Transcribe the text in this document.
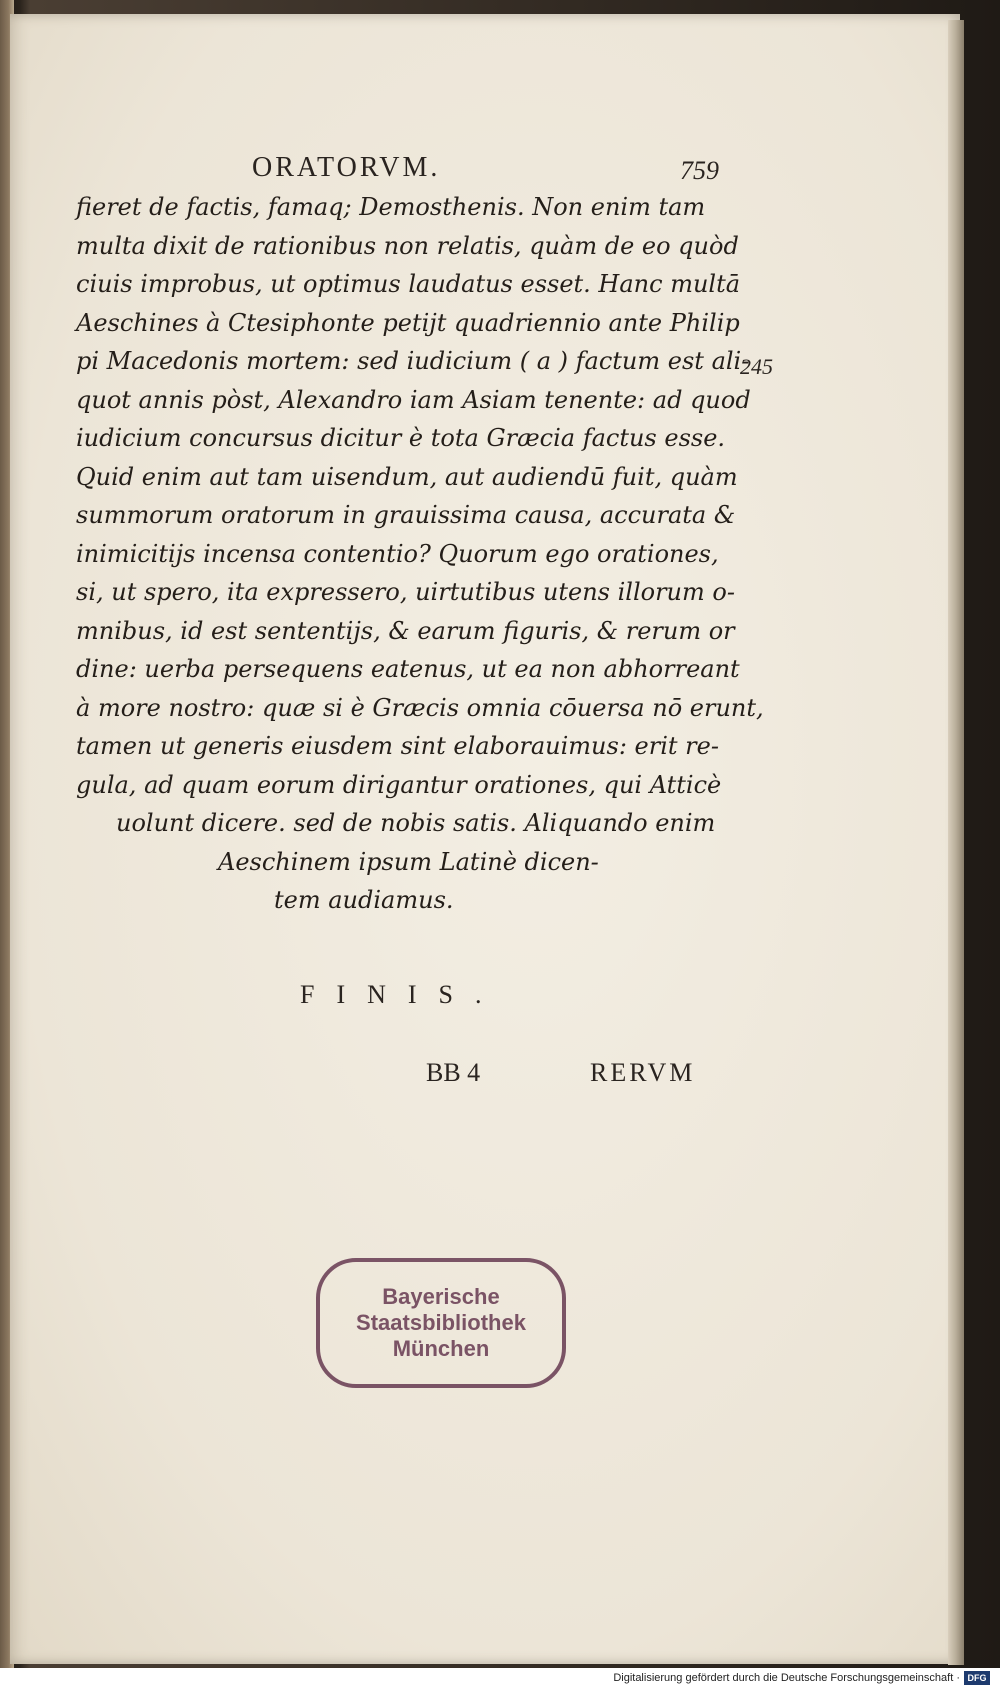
ORATORVM.	759
245
fieret de factis, famaq; Demosthenis. Non enim tam
multa dixit de rationibus non relatis, quàm de eo quòd
ciuis improbus, ut optimus laudatus esset. Hanc multā
Aeschines à Ctesiphonte petijt quadriennio ante Philip
pi Macedonis mortem: sed iudicium ( a ) factum est ali-
quot annis pòst, Alexandro iam Asiam tenente: ad quod
iudicium concursus dicitur è tota Græcia factus esse.
Quid enim aut tam uisendum, aut audiendū fuit, quàm
summorum oratorum in grauissima causa, accurata &
inimicitijs incensa contentio? Quorum ego orationes,
si, ut spero, ita expressero, uirtutibus utens illorum o-
mnibus, id est sententijs, & earum figuris, & rerum or
dine: uerba persequens eatenus, ut ea non abhorreant
à more nostro: quæ si è Græcis omnia cōuersa nō erunt,
tamen ut generis eiusdem sint elaborauimus: erit re-
gula, ad quam eorum dirigantur orationes, qui Atticè
uolunt dicere. sed de nobis satis. Aliquando enim
Aeschinem ipsum Latinè dicen-
tem audiamus.
FINIS.
BB 4	RERVM
Bayerische
Staatsbibliothek
München
Digitalisierung gefördert durch die Deutsche Forschungsgemeinschaft · DFG
